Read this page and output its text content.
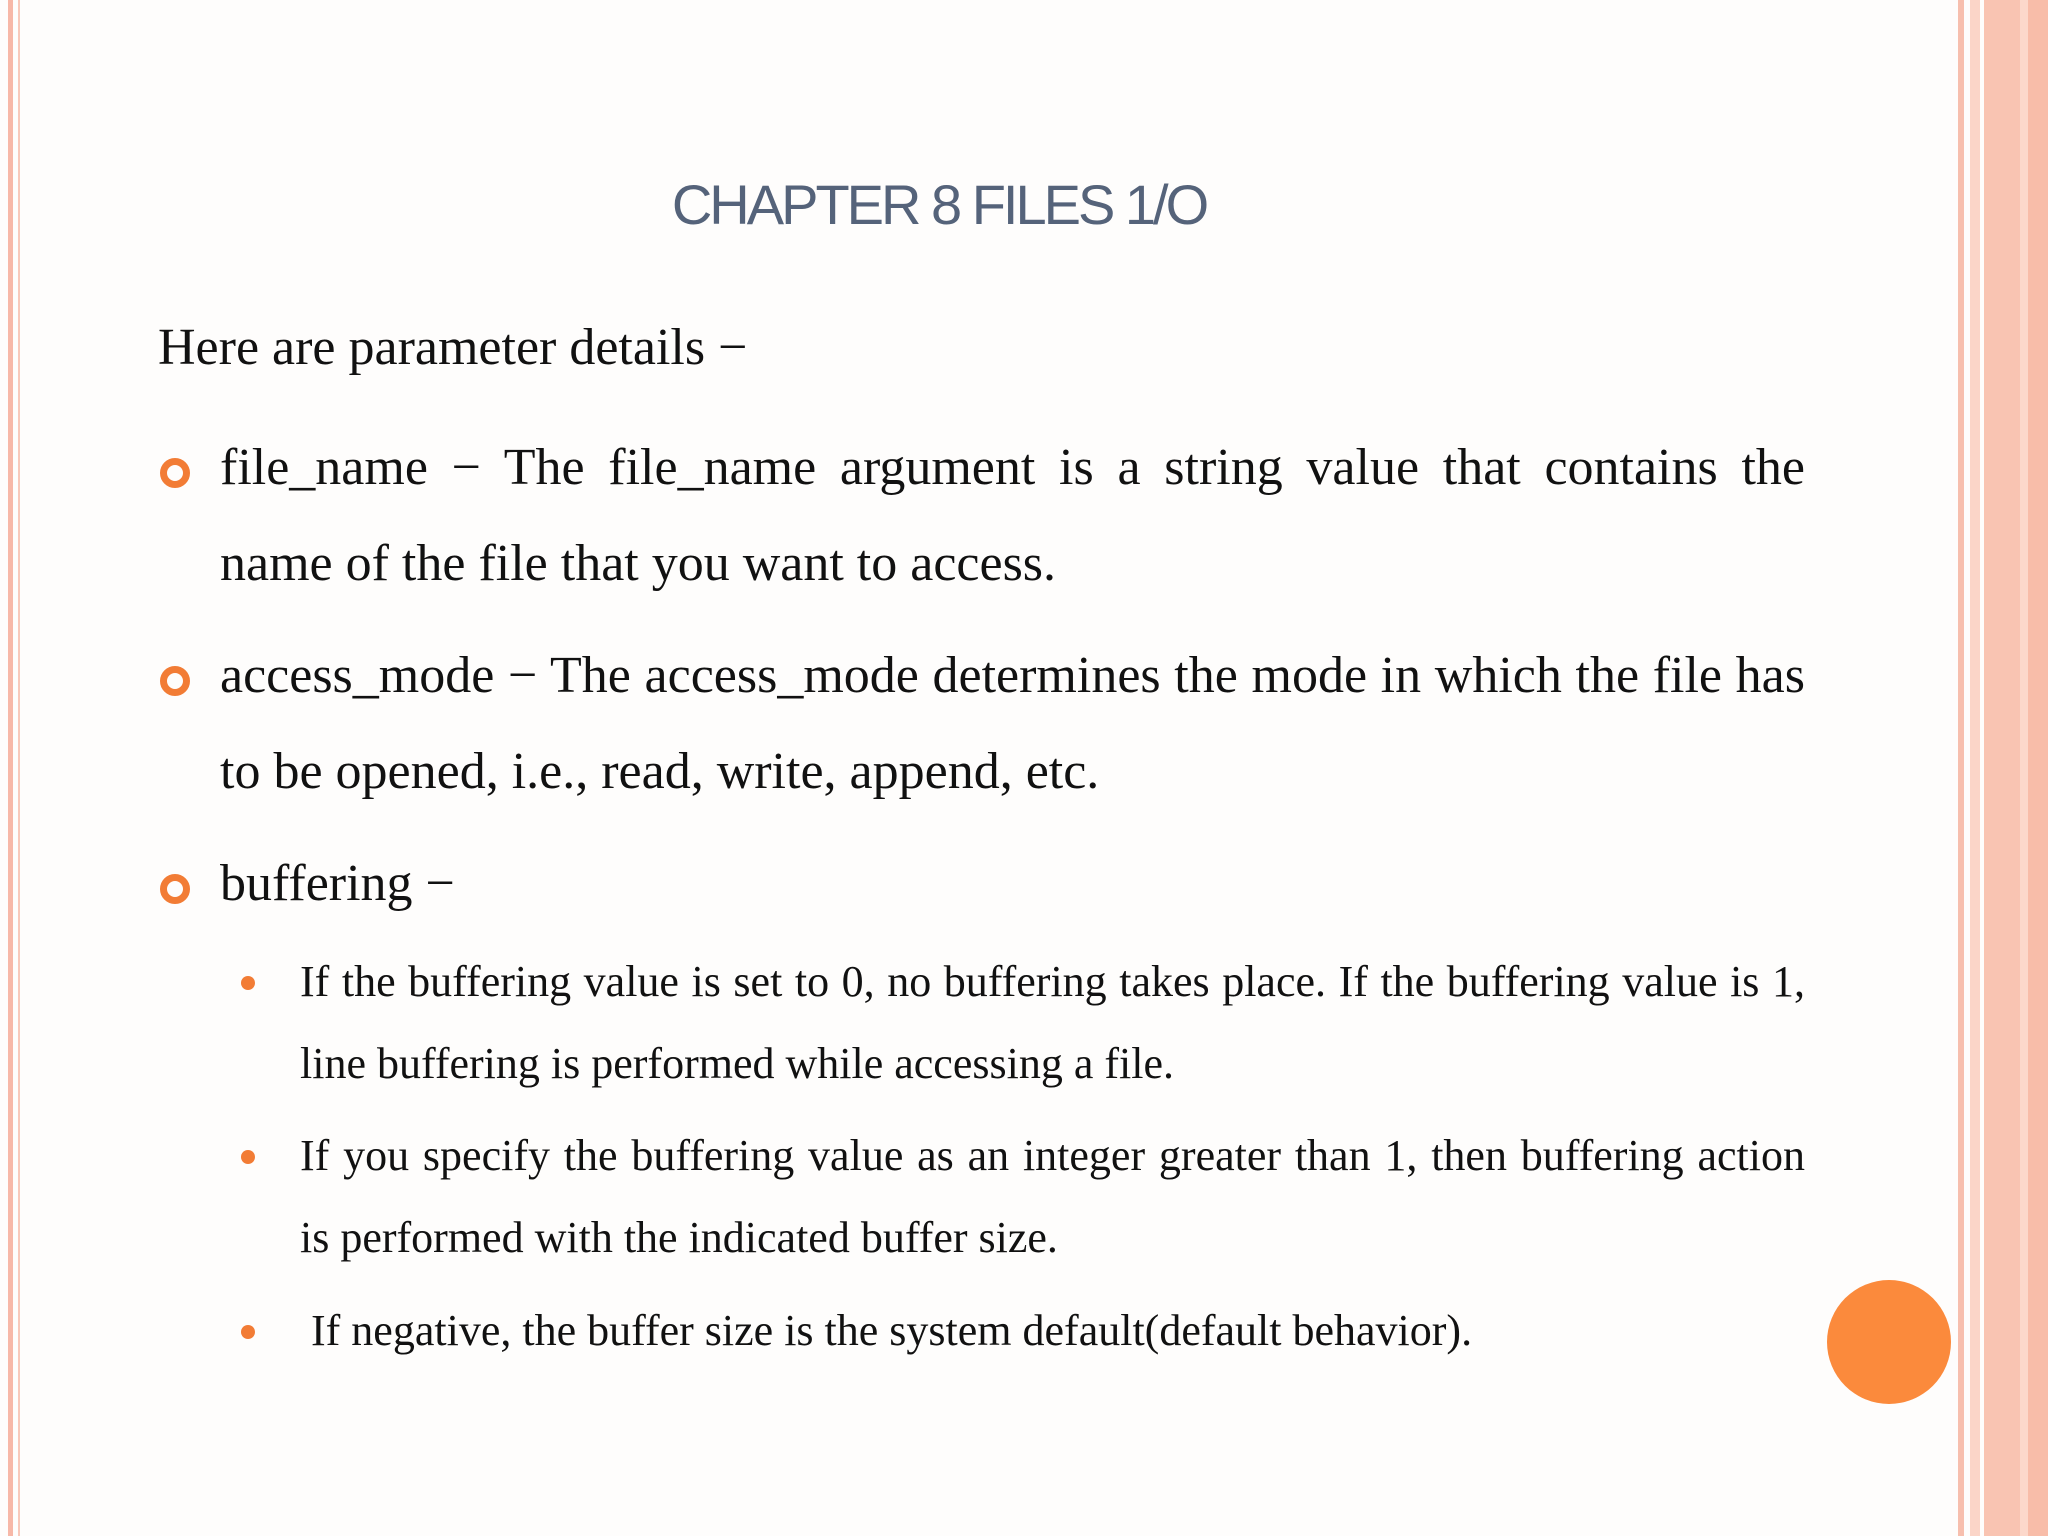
CHAPTER 8 FILES 1/O
Here are parameter details −
file_name − The file_name argument is a string value that contains the name of the file that you want to access.
access_mode − The access_mode determines the mode in which the file has to be opened, i.e., read, write, append, etc.
buffering −
If the buffering value is set to 0, no buffering takes place. If the buffering value is 1, line buffering is performed while accessing a file.
If you specify the buffering value as an integer greater than 1, then buffering action is performed with the indicated buffer size.
If negative, the buffer size is the system default(default behavior).
